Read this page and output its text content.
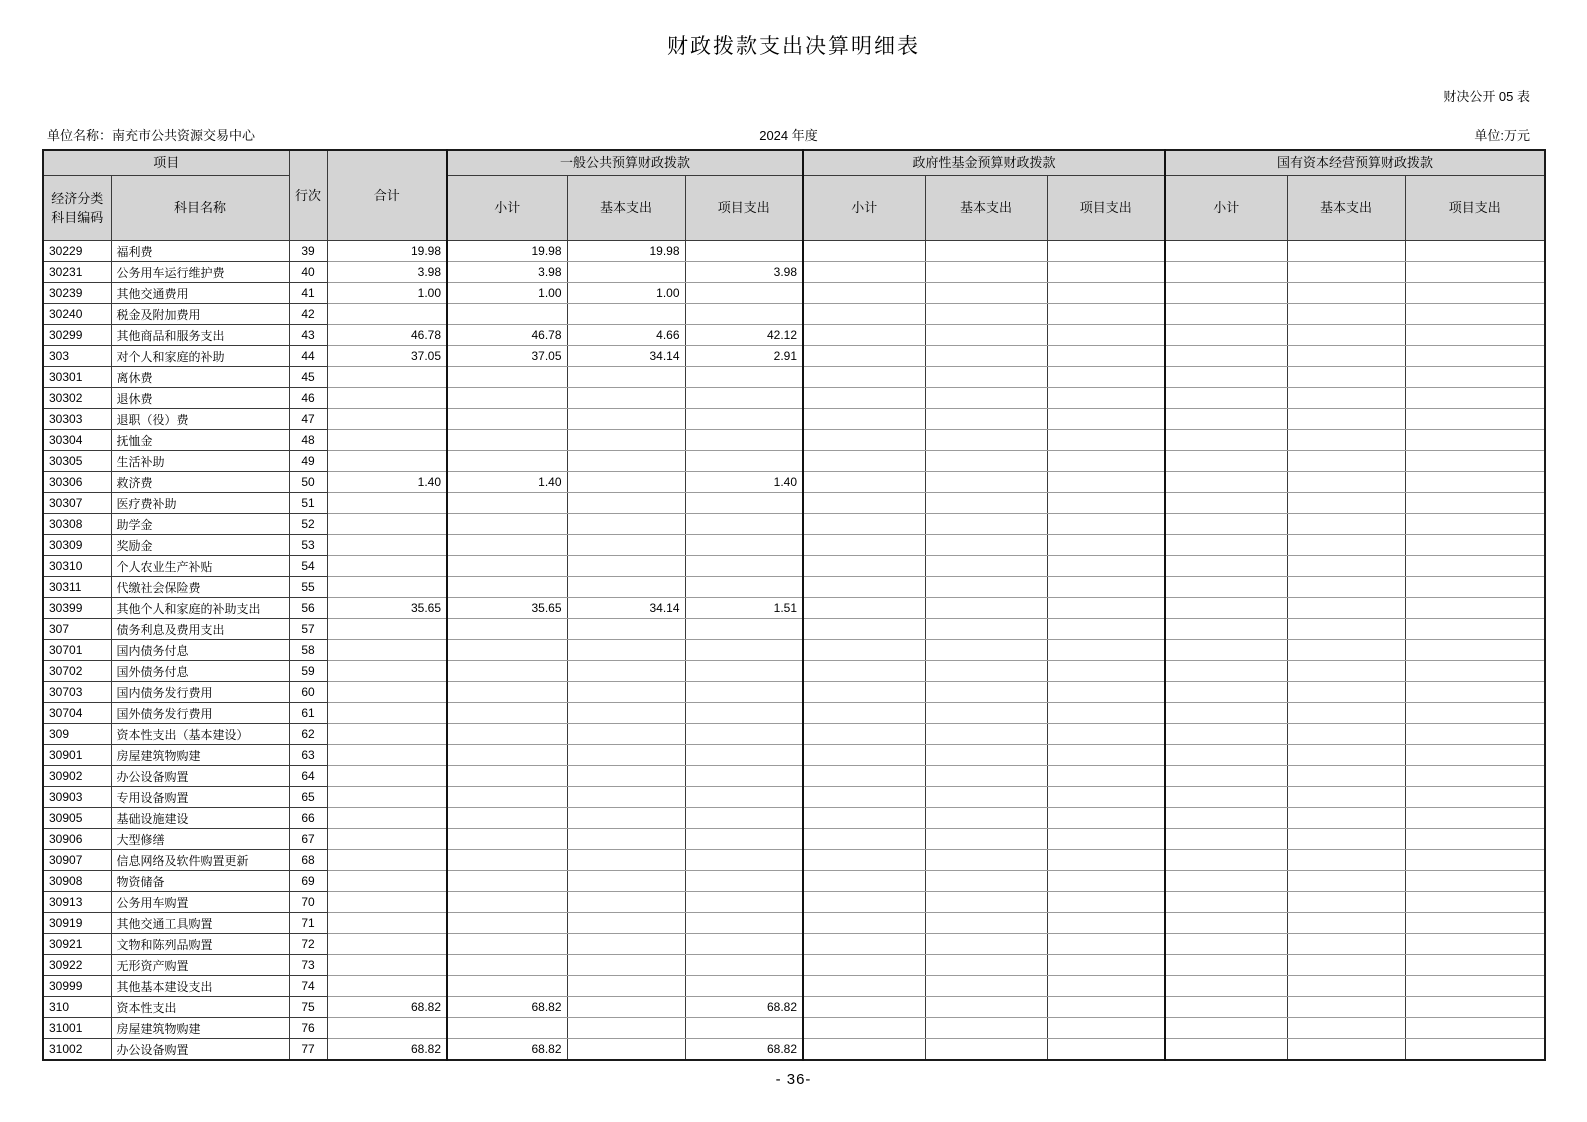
财政拨款支出决算明细表
财决公开 05 表
单位名称：南充市公共资源交易中心	2024 年度	单位:万元
项目		行次	合计	一般公共预算财政拨款			政府性基金预算财政拨款			国有资本经营预算财政拨款		
经济分类科目编码	科目名称			小计	基本支出	项目支出	小计	基本支出	项目支出	小计	基本支出	项目支出
30229	福利费	39	19.98	19.98	19.98							
30231	公务用车运行维护费	40	3.98	3.98		3.98						
30239	其他交通费用	41	1.00	1.00	1.00							
30240	税金及附加费用	42										
30299	其他商品和服务支出	43	46.78	46.78	4.66	42.12						
303	对个人和家庭的补助	44	37.05	37.05	34.14	2.91						
30301	离休费	45										
30302	退休费	46										
30303	退职（役）费	47										
30304	抚恤金	48										
30305	生活补助	49										
30306	救济费	50	1.40	1.40		1.40						
30307	医疗费补助	51										
30308	助学金	52										
30309	奖励金	53										
30310	个人农业生产补贴	54										
30311	代缴社会保险费	55										
30399	其他个人和家庭的补助支出	56	35.65	35.65	34.14	1.51						
307	债务利息及费用支出	57										
30701	国内债务付息	58										
30702	国外债务付息	59										
30703	国内债务发行费用	60										
30704	国外债务发行费用	61										
309	资本性支出（基本建设）	62										
30901	房屋建筑物购建	63										
30902	办公设备购置	64										
30903	专用设备购置	65										
30905	基础设施建设	66										
30906	大型修缮	67										
30907	信息网络及软件购置更新	68										
30908	物资储备	69										
30913	公务用车购置	70										
30919	其他交通工具购置	71										
30921	文物和陈列品购置	72										
30922	无形资产购置	73										
30999	其他基本建设支出	74										
310	资本性支出	75	68.82	68.82		68.82						
31001	房屋建筑物购建	76										
31002	办公设备购置	77	68.82	68.82		68.82						
- 36-
